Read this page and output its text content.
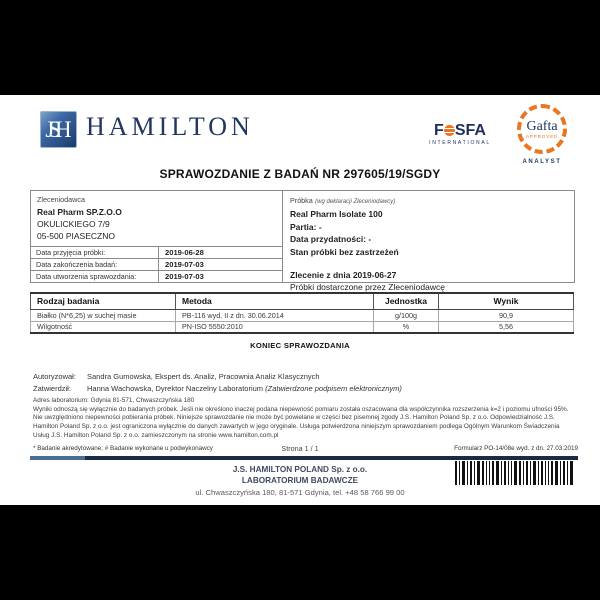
JSH HAMILTON	F SFA
INTERNATIONAL
Gafta
APPROVED
ANALYST
SPRAWOZDANIE Z BADAŃ NR 297605/19/SGDY
Zleceniodawca
Real Pharm SP.Z.O.O
OKULICKIEGO 7/9
05-500 PIASECZNO
Data przyjęcia próbki:	2019-06-28
Data zakończenia badań:	2019-07-03
Data utworzenia sprawozdania:	2019-07-03
Próbka (wg deklaracji Zleceniodawcy)
Real Pharm Isolate 100
Partia: -
Data przydatności: -
Stan próbki bez zastrzeżeń
Zlecenie z dnia 2019-06-27
Próbki dostarczone przez Zleceniodawcę
Rodzaj badania	Metoda	Jednostka	Wynik
Białko (N*6,25) w suchej masie	PB-116 wyd. II z dn. 30.06.2014	g/100g	90,9
Wilgotność	PN-ISO 5550:2010	%	5,56
KONIEC SPRAWOZDANIA
Autoryzował: Sandra Gumowska, Ekspert ds. Analiz, Pracownia Analiz Klasycznych
Zatwierdził: Hanna Wachowska, Dyrektor Naczelny Laboratorium (Zatwierdzone podpisem elektronicznym)
Adres laboratorium: Gdynia 81-571, Chwaszczyńska 180
Wyniki odnoszą się wyłącznie do badanych próbek. Jeśli nie określono inaczej podana niepewność pomiaru została oszacowana dla współczynnika rozszerzenia k=2 i poziomu ufności 95%. Nie uwzględniono niepewności pobierania próbek. Niniejsze sprawozdanie nie może być powielane w części bez pisemnej zgody J.S. Hamilton Poland Sp. z o.o. Odpowiedzialność J.S. Hamilton Poland Sp. z o.o. jest ograniczona wyłącznie do danych zawartych w jego oryginale. Usługa potwierdzona niniejszym sprawozdaniem podlega Ogólnym Warunkom Świadczenia Usług J.S. Hamilton Poland Sp. z o.o. zamieszczonym na stronie www.hamilton.com.pl
* Badanie akredytowane; # Badanie wykonane u podwykonawcy	Strona 1 / 1	Formularz PO-14/08e wyd. z dn. 27.03.2019
J.S. HAMILTON POLAND Sp. z o.o.
LABORATORIUM BADAWCZE
ul. Chwaszczyńska 180, 81-571 Gdynia, tel. +48 58 766 99 00
